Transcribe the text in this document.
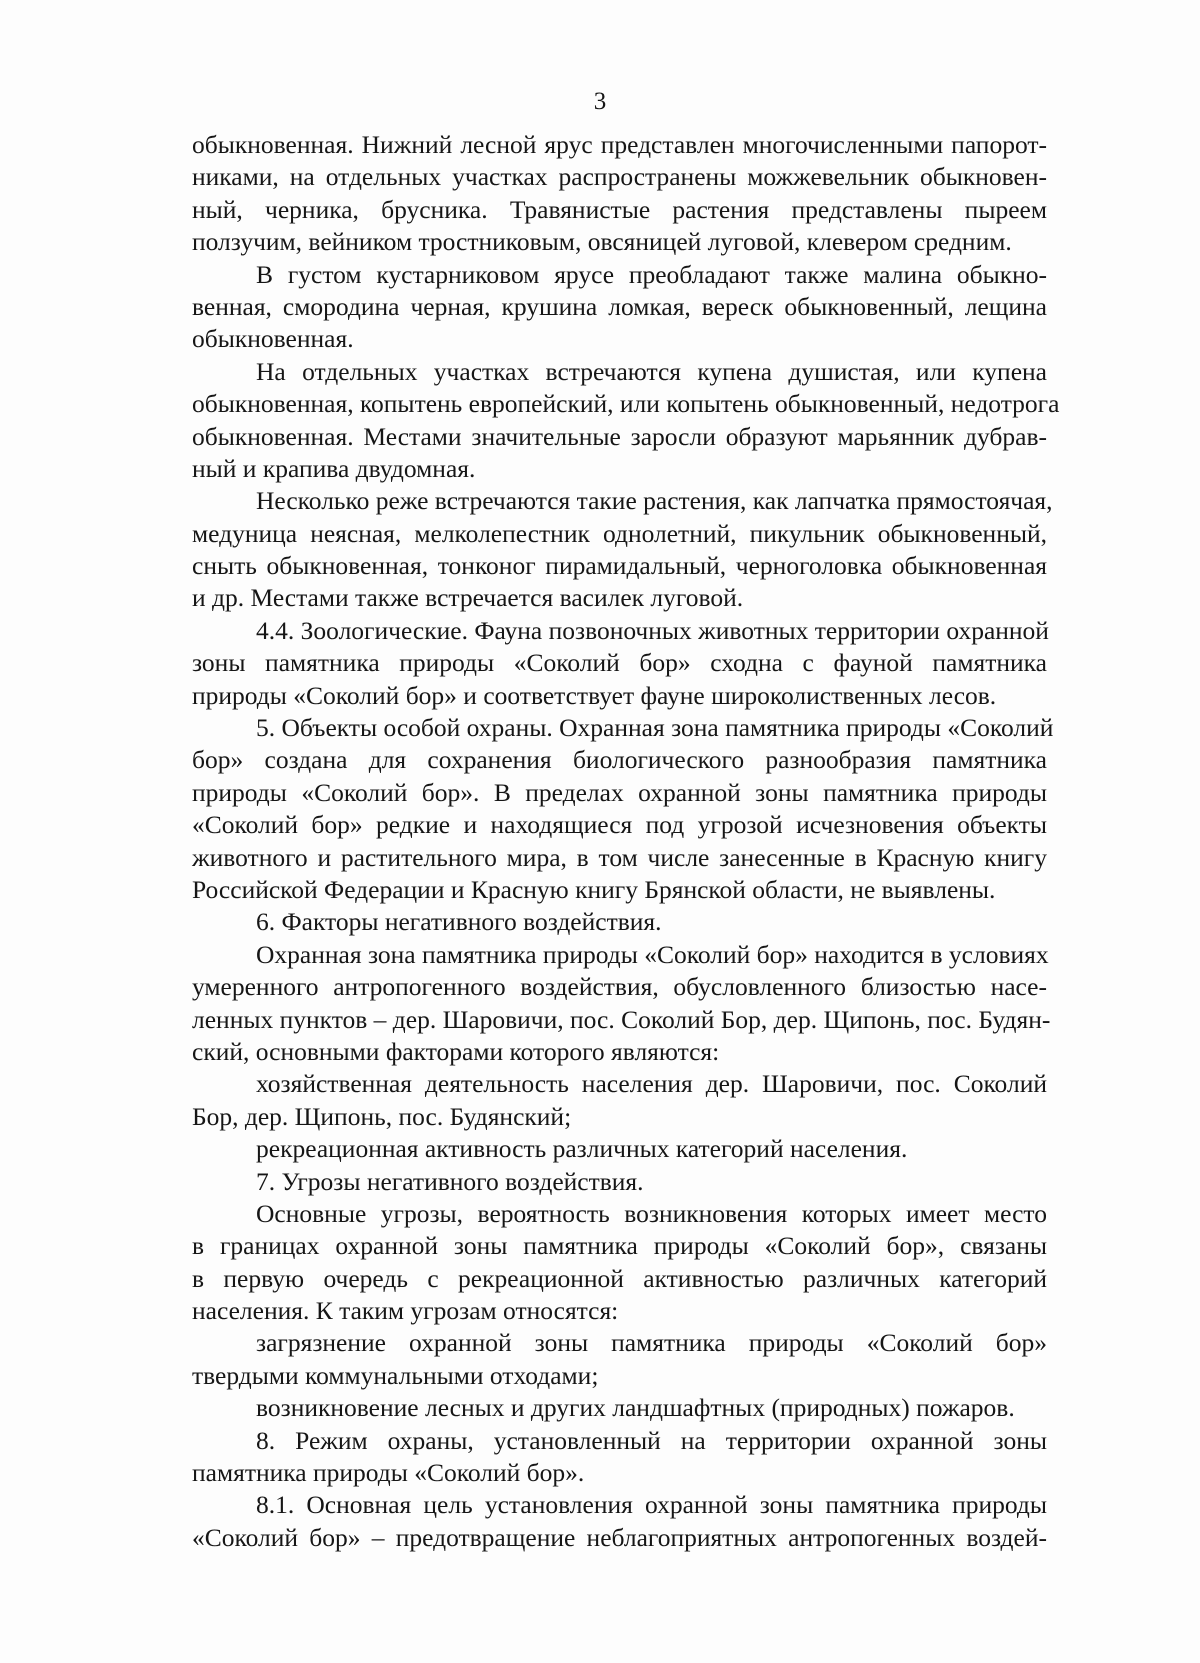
3
обыкновенная. Нижний лесной ярус представлен многочисленными папорот-
никами, на отдельных участках распространены можжевельник обыкновен-
ный, черника, брусника. Травянистые растения представлены пыреем
ползучим, вейником тростниковым, овсяницей луговой, клевером средним.
В густом кустарниковом ярусе преобладают также малина обыкно-
венная, смородина черная, крушина ломкая, вереск обыкновенный, лещина
обыкновенная.
На отдельных участках встречаются купена душистая, или купена
обыкновенная, копытень европейский, или копытень обыкновенный, недотрога
обыкновенная. Местами значительные заросли образуют марьянник дубрав-
ный и крапива двудомная.
Несколько реже встречаются такие растения, как лапчатка прямостоячая,
медуница неясная, мелколепестник однолетний, пикульник обыкновенный,
сныть обыкновенная, тонконог пирамидальный, черноголовка обыкновенная
и др. Местами также встречается василек луговой.
4.4. Зоологические. Фауна позвоночных животных территории охранной
зоны памятника природы «Соколий бор» сходна с фауной памятника
природы «Соколий бор» и соответствует фауне широколиственных лесов.
5. Объекты особой охраны. Охранная зона памятника природы «Соколий
бор» создана для сохранения биологического разнообразия памятника
природы «Соколий бор». В пределах охранной зоны памятника природы
«Соколий бор» редкие и находящиеся под угрозой исчезновения объекты
животного и растительного мира, в том числе занесенные в Красную книгу
Российской Федерации и Красную книгу Брянской области, не выявлены.
6. Факторы негативного воздействия.
Охранная зона памятника природы «Соколий бор» находится в условиях
умеренного антропогенного воздействия, обусловленного близостью насе-
ленных пунктов – дер. Шаровичи, пос. Соколий Бор, дер. Щипонь, пос. Будян-
ский, основными факторами которого являются:
хозяйственная деятельность населения дер. Шаровичи, пос. Соколий
Бор, дер. Щипонь, пос. Будянский;
рекреационная активность различных категорий населения.
7. Угрозы негативного воздействия.
Основные угрозы, вероятность возникновения которых имеет место
в границах охранной зоны памятника природы «Соколий бор», связаны
в первую очередь с рекреационной активностью различных категорий
населения. К таким угрозам относятся:
загрязнение охранной зоны памятника природы «Соколий бор»
твердыми коммунальными отходами;
возникновение лесных и других ландшафтных (природных) пожаров.
8. Режим охраны, установленный на территории охранной зоны
памятника природы «Соколий бор».
8.1. Основная цель установления охранной зоны памятника природы
«Соколий бор» – предотвращение неблагоприятных антропогенных воздей-
